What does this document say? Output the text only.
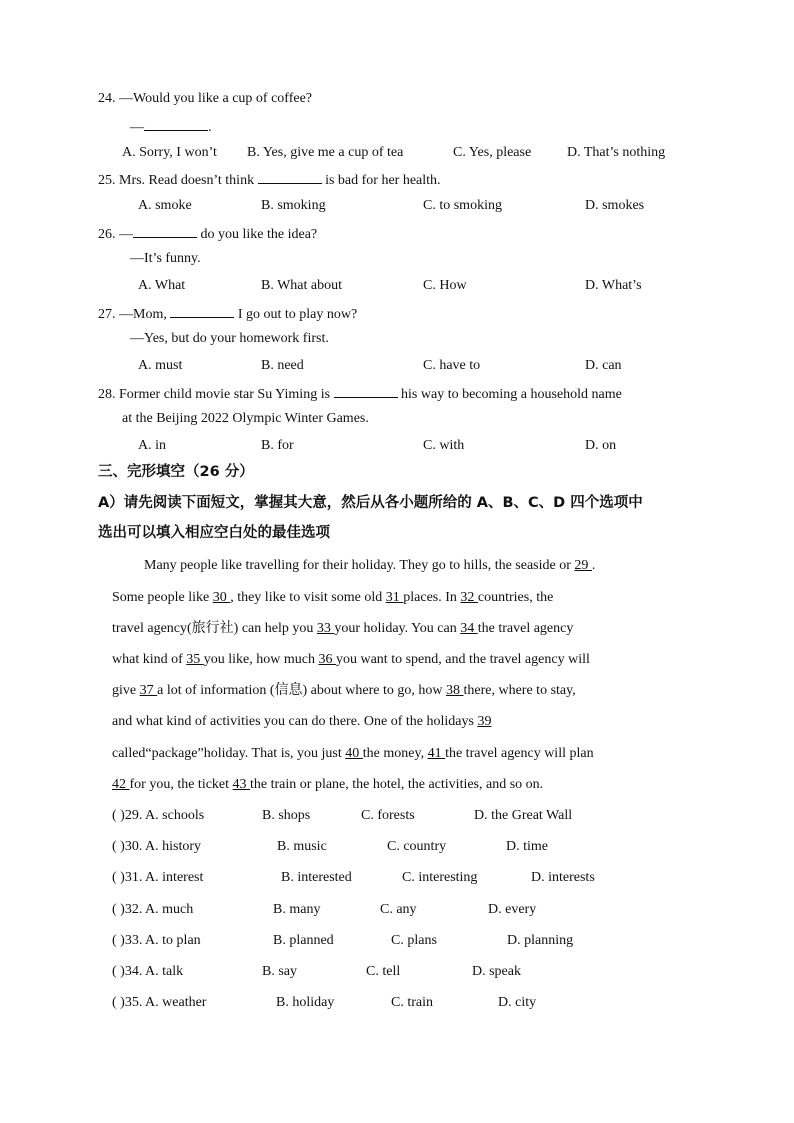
24. —Would you like a cup of coffee?
—	.
A. Sorry, I won’t B. Yes, give me a cup of tea	C. Yes, please	D. That’s nothing
25. Mrs. Read doesn’t think	is bad for her health.
A. smoke	B. smoking	C. to smoking	D. smokes
26. —	do you like the idea?
—It’s funny.
A. What	B. What about	C. How	D. What’s
27. —Mom,	I go out to play now?
—Yes, but do your homework first.
A. must	B. need	C. have to	D. can
28. Former child movie star Su Yiming is	his way to becoming a household name
at the Beijing 2022 Olympic Winter Games.
A. in	B. for	C. with	D. on
三、完形填空（26 分）
A）请先阅读下面短文，掌握其大意，然后从各小题所给的 A、B、C、D 四个选项中
选出可以填入相应空白处的最佳选项
Many people like travelling for their holiday. They go to hills, the seaside or 29 .
Some people like 30 , they like to visit some old 31 places. In 32 countries, the
travel agency(旅行社) can help you 33 your holiday. You can 34 the travel agency
what kind of 35 you like, how much 36 you want to spend, and the travel agency will
give 37 a lot of information (信息) about where to go, how 38 there, where to stay,
and what kind of activities you can do there. One of the holidays 39
called“package”holiday. That is, you just 40 the money, 41 the travel agency will plan
42 for you, the ticket 43 the train or plane, the hotel, the activities, and so on.
( )29. A. schools	B. shops	C. forests	D. the Great Wall
( )30. A. history	B. music	C. country	D. time
( )31. A. interest	B. interested	C. interesting	D. interests
( )32. A. much	B. many	C. any	D. every
( )33. A. to plan	B. planned	C. plans	D. planning
( )34. A. talk	B. say	C. tell	D. speak
( )35. A. weather	B. holiday	C. train	D. city
